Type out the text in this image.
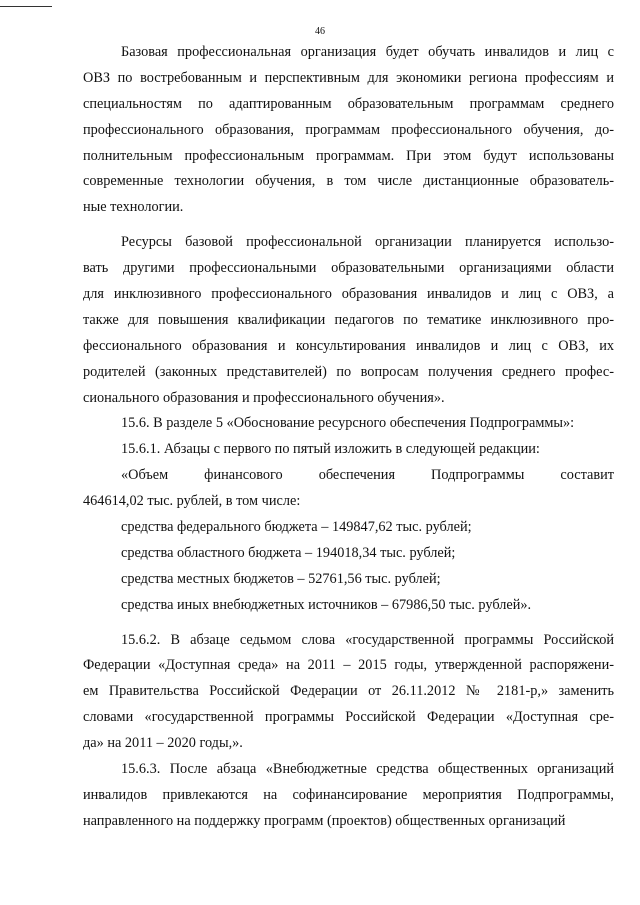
46
Базовая профессиональная организация будет обучать инвалидов и лиц с
ОВЗ по востребованным и перспективным для экономики региона профессиям и
специальностям по адаптированным образовательным программам среднего
профессионального образования, программам профессионального обучения, до-
полнительным профессиональным программам. При этом будут использованы
современные технологии обучения, в том числе дистанционные образователь-
ные технологии.
Ресурсы базовой профессиональной организации планируется использо-
вать другими профессиональными образовательными организациями области
для инклюзивного профессионального образования инвалидов и лиц с ОВЗ, а
также для повышения квалификации педагогов по тематике инклюзивного про-
фессионального образования и консультирования инвалидов и лиц с ОВЗ, их
родителей (законных представителей) по вопросам получения среднего профес-
сионального образования и профессионального обучения».
15.6. В разделе 5 «Обоснование ресурсного обеспечения Подпрограммы»:
15.6.1. Абзацы с первого по пятый изложить в следующей редакции:
«Объем финансового обеспечения Подпрограммы составит
464614,02 тыс. рублей, в том числе:
средства федерального бюджета – 149847,62 тыс. рублей;
средства областного бюджета – 194018,34 тыс. рублей;
средства местных бюджетов – 52761,56 тыс. рублей;
средства иных внебюджетных источников – 67986,50 тыс. рублей».
15.6.2. В абзаце седьмом слова «государственной программы Российской
Федерации «Доступная среда» на 2011 – 2015 годы, утвержденной распоряжени-
ем Правительства Российской Федерации от 26.11.2012 № 2181-р,» заменить
словами «государственной программы Российской Федерации «Доступная сре-
да» на 2011 – 2020 годы,».
15.6.3. После абзаца «Внебюджетные средства общественных организаций
инвалидов привлекаются на софинансирование мероприятия Подпрограммы,
направленного на поддержку программ (проектов) общественных организаций
